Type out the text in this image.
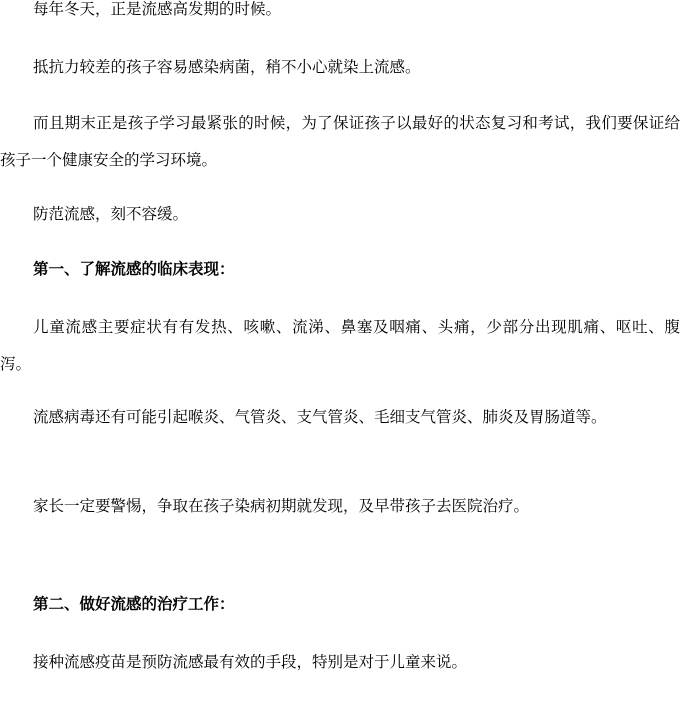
每年冬天，正是流感高发期的时候。

抵抗力较差的孩子容易感染病菌，稍不小心就染上流感。

而且期末正是孩子学习最紧张的时候，为了保证孩子以最好的状态复习和考试，我们要保证给孩子一个健康安全的学习环境。

防范流感，刻不容缓。

第一、了解流感的临床表现：

儿童流感主要症状有有发热、咳嗽、流涕、鼻塞及咽痛、头痛，少部分出现肌痛、呕吐、腹泻。

流感病毒还有可能引起喉炎、气管炎、支气管炎、毛细支气管炎、肺炎及胃肠道等。

家长一定要警惕，争取在孩子染病初期就发现，及早带孩子去医院治疗。

第二、做好流感的治疗工作：

接种流感疫苗是预防流感最有效的手段，特别是对于儿童来说。
